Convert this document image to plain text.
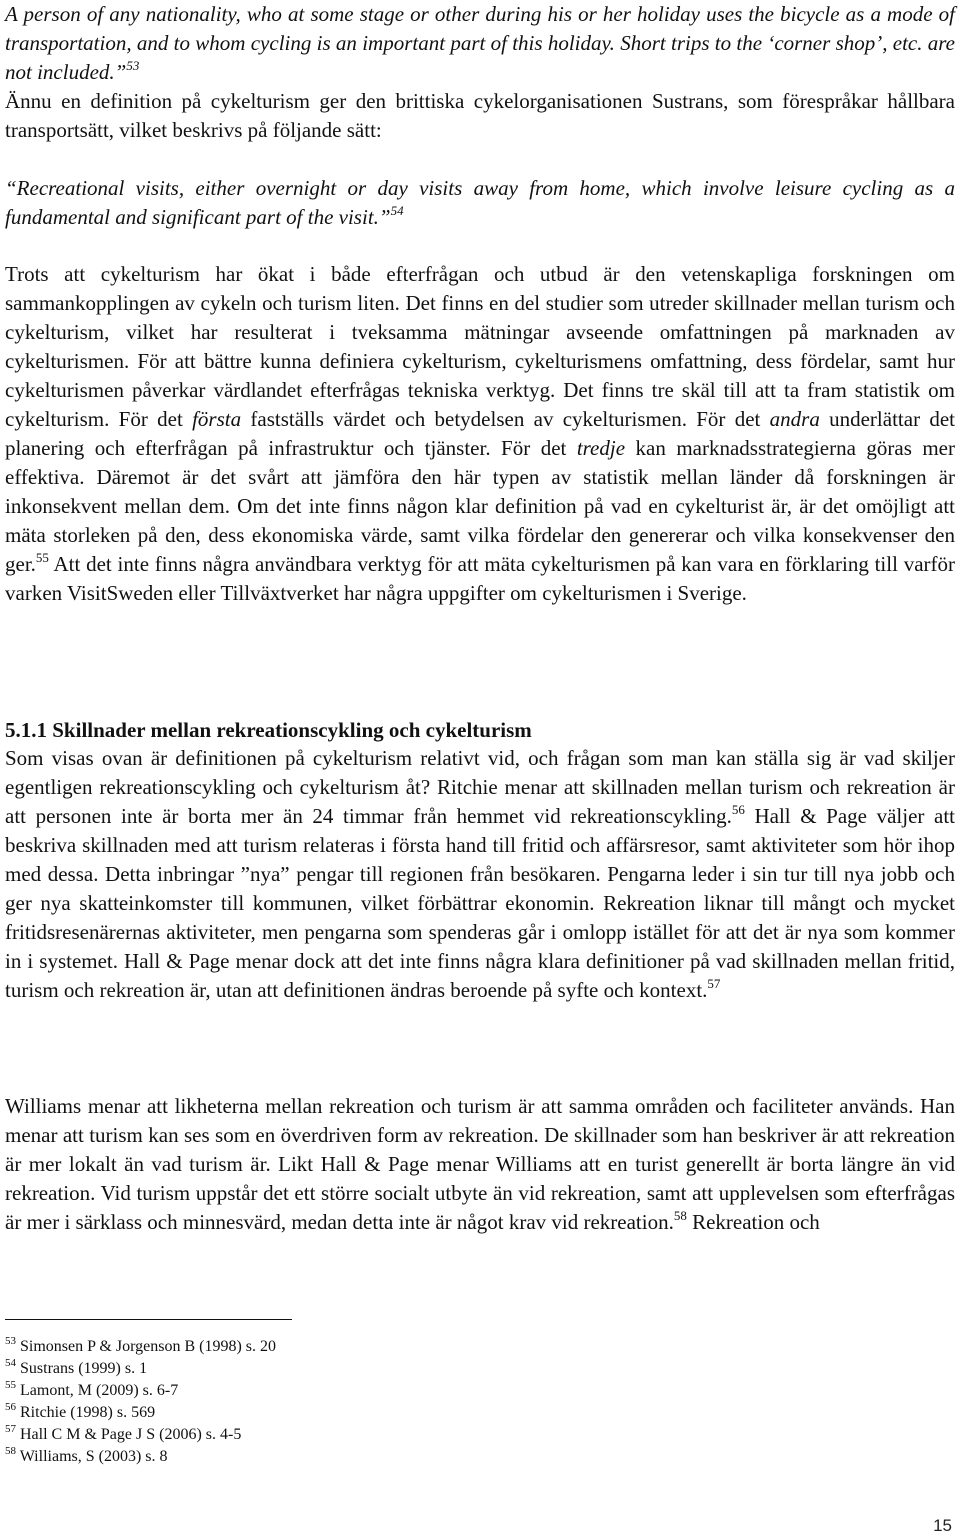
A person of any nationality, who at some stage or other during his or her holiday uses the bicycle as a mode of transportation, and to whom cycling is an important part of this holiday. Short trips to the ‘corner shop’, etc. are not included.”$^{53}$

Ännu en definition på cykelturism ger den brittiska cykelorganisationen Sustrans, som förespråkar hållbara transportsätt, vilket beskrivs på följande sätt:

“Recreational visits, either overnight or day visits away from home, which involve leisure cycling as a fundamental and significant part of the visit.”$^{54}$

Trots att cykelturism har ökat i både efterfrågan och utbud är den vetenskapliga forskningen om sammankopplingen av cykeln och turism liten. Det finns en del studier som utreder skillnader mellan turism och cykelturism, vilket har resulterat i tveksamma mätningar avseende omfattningen på marknaden av cykelturismen. För att bättre kunna definiera cykelturism, cykelturismens omfattning, dess fördelar, samt hur cykelturismen påverkar värdlandet efterfrågas tekniska verktyg. Det finns tre skäl till att ta fram statistik om cykelturism. För det första fastställs värdet och betydelsen av cykelturismen. För det andra underlättar det planering och efterfrågan på infrastruktur och tjänster. För det tredje kan marknadsstrategierna göras mer effektiva. Däremot är det svårt att jämföra den här typen av statistik mellan länder då forskningen är inkonsekvent mellan dem. Om det inte finns någon klar definition på vad en cykelturist är, är det omöjligt att mäta storleken på den, dess ekonomiska värde, samt vilka fördelar den genererar och vilka konsekvenser den ger.$^{55}$ Att det inte finns några användbara verktyg för att mäta cykelturismen på kan vara en förklaring till varför varken VisitSweden eller Tillväxtverket har några uppgifter om cykelturismen i Sverige.

5.1.1 Skillnader mellan rekreationscykling och cykelturism

Som visas ovan är definitionen på cykelturism relativt vid, och frågan som man kan ställa sig är vad skiljer egentligen rekreationscykling och cykelturism åt? Ritchie menar att skillnaden mellan turism och rekreation är att personen inte är borta mer än 24 timmar från hemmet vid rekreationscykling.$^{56}$ Hall & Page väljer att beskriva skillnaden med att turism relateras i första hand till fritid och affärsresor, samt aktiviteter som hör ihop med dessa. Detta inbringar ”nya” pengar till regionen från besökaren. Pengarna leder i sin tur till nya jobb och ger nya skatteinkomster till kommunen, vilket förbättrar ekonomin. Rekreation liknar till mångt och mycket fritidsresenärernas aktiviteter, men pengarna som spenderas går i omlopp istället för att det är nya som kommer in i systemet. Hall & Page menar dock att det inte finns några klara definitioner på vad skillnaden mellan fritid, turism och rekreation är, utan att definitionen ändras beroende på syfte och kontext.$^{57}$

Williams menar att likheterna mellan rekreation och turism är att samma områden och faciliteter används. Han menar att turism kan ses som en överdriven form av rekreation. De skillnader som han beskriver är att rekreation är mer lokalt än vad turism är. Likt Hall & Page menar Williams att en turist generellt är borta längre än vid rekreation. Vid turism uppstår det ett större socialt utbyte än vid rekreation, samt att upplevelsen som efterfrågas är mer i särklass och minnesvärd, medan detta inte är något krav vid rekreation.$^{58}$ Rekreation och

$^{53}$ Simonsen P & Jorgenson B (1998) s. 20
$^{54}$ Sustrans (1999) s. 1
$^{55}$ Lamont, M (2009) s. 6-7
$^{56}$ Ritchie (1998) s. 569
$^{57}$ Hall C M & Page J S (2006) s. 4-5
$^{58}$ Williams, S (2003) s. 8
15
